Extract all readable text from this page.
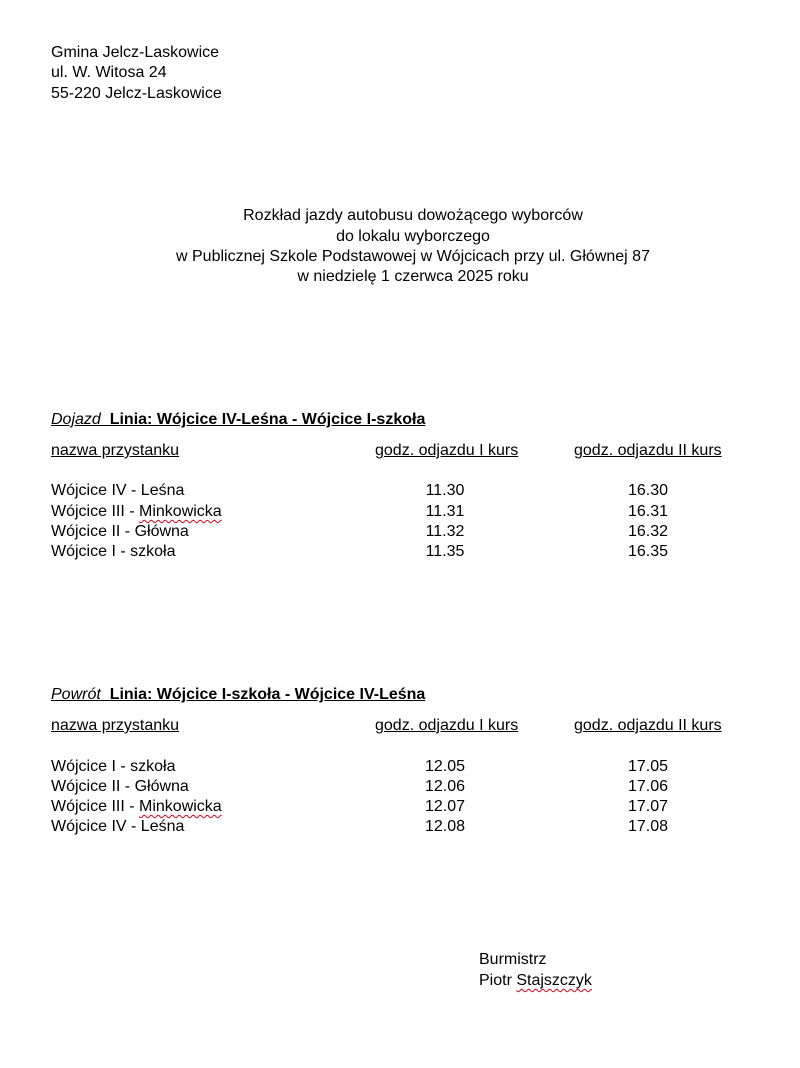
Gmina Jelcz-Laskowice
ul. W. Witosa 24
55-220 Jelcz-Laskowice
Rozkład jazdy autobusu dowożącego wyborców
do lokalu wyborczego
w Publicznej Szkole Podstawowej w Wójcicach przy ul. Głównej 87
w niedzielę 1 czerwca 2025 roku
Dojazd Linia: Wójcice IV-Leśna - Wójcice I-szkoła
nazwa przystanku	godz. odjazdu I kurs	godz. odjazdu II kurs
Wójcice IV - Leśna	11.30	16.30
Wójcice III - Minkowicka	11.31	16.31
Wójcice II - Główna	11.32	16.32
Wójcice I - szkoła	11.35	16.35
Powrót Linia: Wójcice I-szkoła - Wójcice IV-Leśna
nazwa przystanku	godz. odjazdu I kurs	godz. odjazdu II kurs
Wójcice I - szkoła	12.05	17.05
Wójcice II - Główna	12.06	17.06
Wójcice III - Minkowicka	12.07	17.07
Wójcice IV - Leśna	12.08	17.08
Burmistrz
Piotr Stajszczyk
